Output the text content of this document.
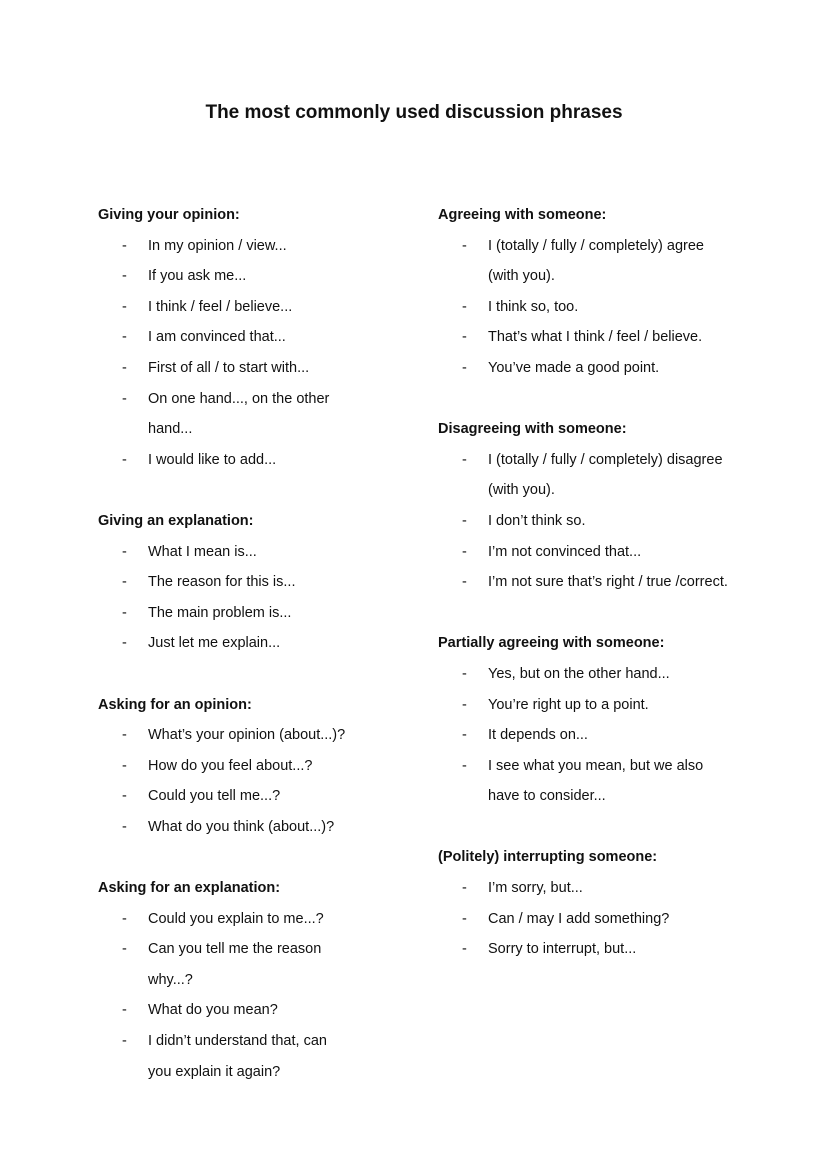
The most commonly used discussion phrases

Giving your opinion:

- In my opinion / view...
- If you ask me...
- I think / feel / believe...
- I am convinced that...
- First of all / to start with...
- On one hand..., on the other hand...
- I would like to add...

Giving an explanation:

- What I mean is...
- The reason for this is...
- The main problem is...
- Just let me explain...

Asking for an opinion:

- What’s your opinion (about...)?
- How do you feel about...?
- Could you tell me...?
- What do you think (about...)?

Asking for an explanation:

- Could you explain to me...?
- Can you tell me the reason why...?
- What do you mean?
- I didn’t understand that, can you explain it again?

Agreeing with someone:

- I (totally / fully / completely) agree (with you).
- I think so, too.
- That’s what I think / feel / believe.
- You’ve made a good point.

Disagreeing with someone:

- I (totally / fully / completely) disagree (with you).
- I don’t think so.
- I’m not convinced that...
- I’m not sure that’s right / true /correct.

Partially agreeing with someone:

- Yes, but on the other hand...
- You’re right up to a point.
- It depends on...
- I see what you mean, but we also have to consider...

(Politely) interrupting someone:

- I’m sorry, but...
- Can / may I add something?
- Sorry to interrupt, but...
